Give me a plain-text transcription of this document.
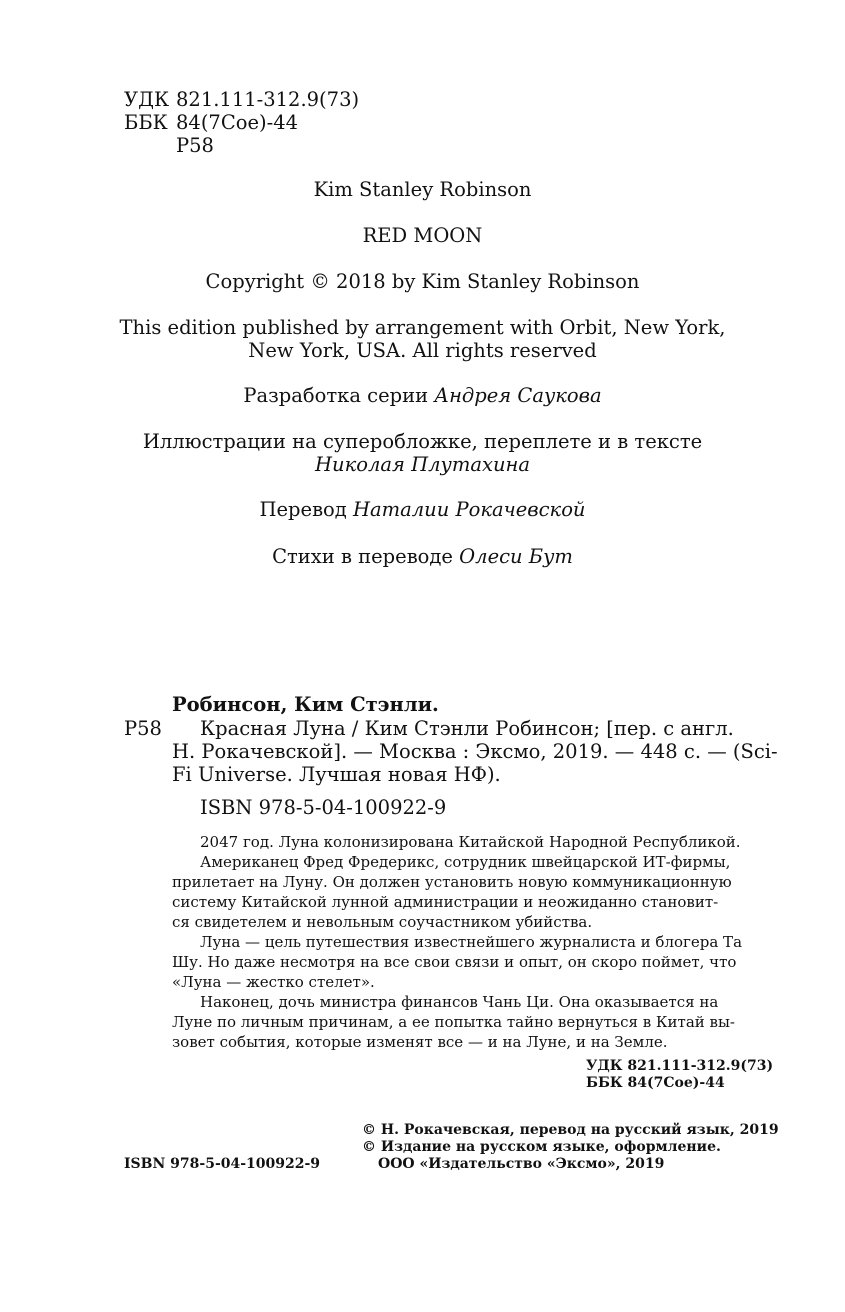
УДК 821.111-312.9(73)
ББК 84(7Сое)-44
Р58
Kim Stanley Robinson
RED MOON
Copyright © 2018 by Kim Stanley Robinson
This edition published by arrangement with Orbit, New York,
New York, USA. All rights reserved
Разработка серии Андрея Саукова
Иллюстрации на суперобложке, переплете и в тексте
Николая Плутахина
Перевод Наталии Рокачевской
Стихи в переводе Олеси Бут
Робинсон, Ким Стэнли.
Р58 Красная Луна / Ким Стэнли Робинсон; [пер. с англ.
Н. Рокачевской]. — Москва : Эксмо, 2019. — 448 с. — (Sci-
Fi Universe. Лучшая новая НФ).
ISBN 978-5-04-100922-9
2047 год. Луна колонизирована Китайской Народной Республикой.
Американец Фред Фредерикс, сотрудник швейцарской ИТ-фирмы,
прилетает на Луну. Он должен установить новую коммуникационную
систему Китайской лунной администрации и неожиданно становит-
ся свидетелем и невольным соучастником убийства.
Луна — цель путешествия известнейшего журналиста и блогера Та
Шу. Но даже несмотря на все свои связи и опыт, он скоро поймет, что
«Луна — жестко стелет».
Наконец, дочь министра финансов Чань Ци. Она оказывается на
Луне по личным причинам, а ее попытка тайно вернуться в Китай вы-
зовет события, которые изменят все — и на Луне, и на Земле.
УДК 821.111-312.9(73)
ББК 84(7Сое)-44
ISBN 978-5-04-100922-9
© Н. Рокачевская, перевод на русский язык, 2019
© Издание на русском языке, оформление.
ООО «Издательство «Эксмо», 2019
